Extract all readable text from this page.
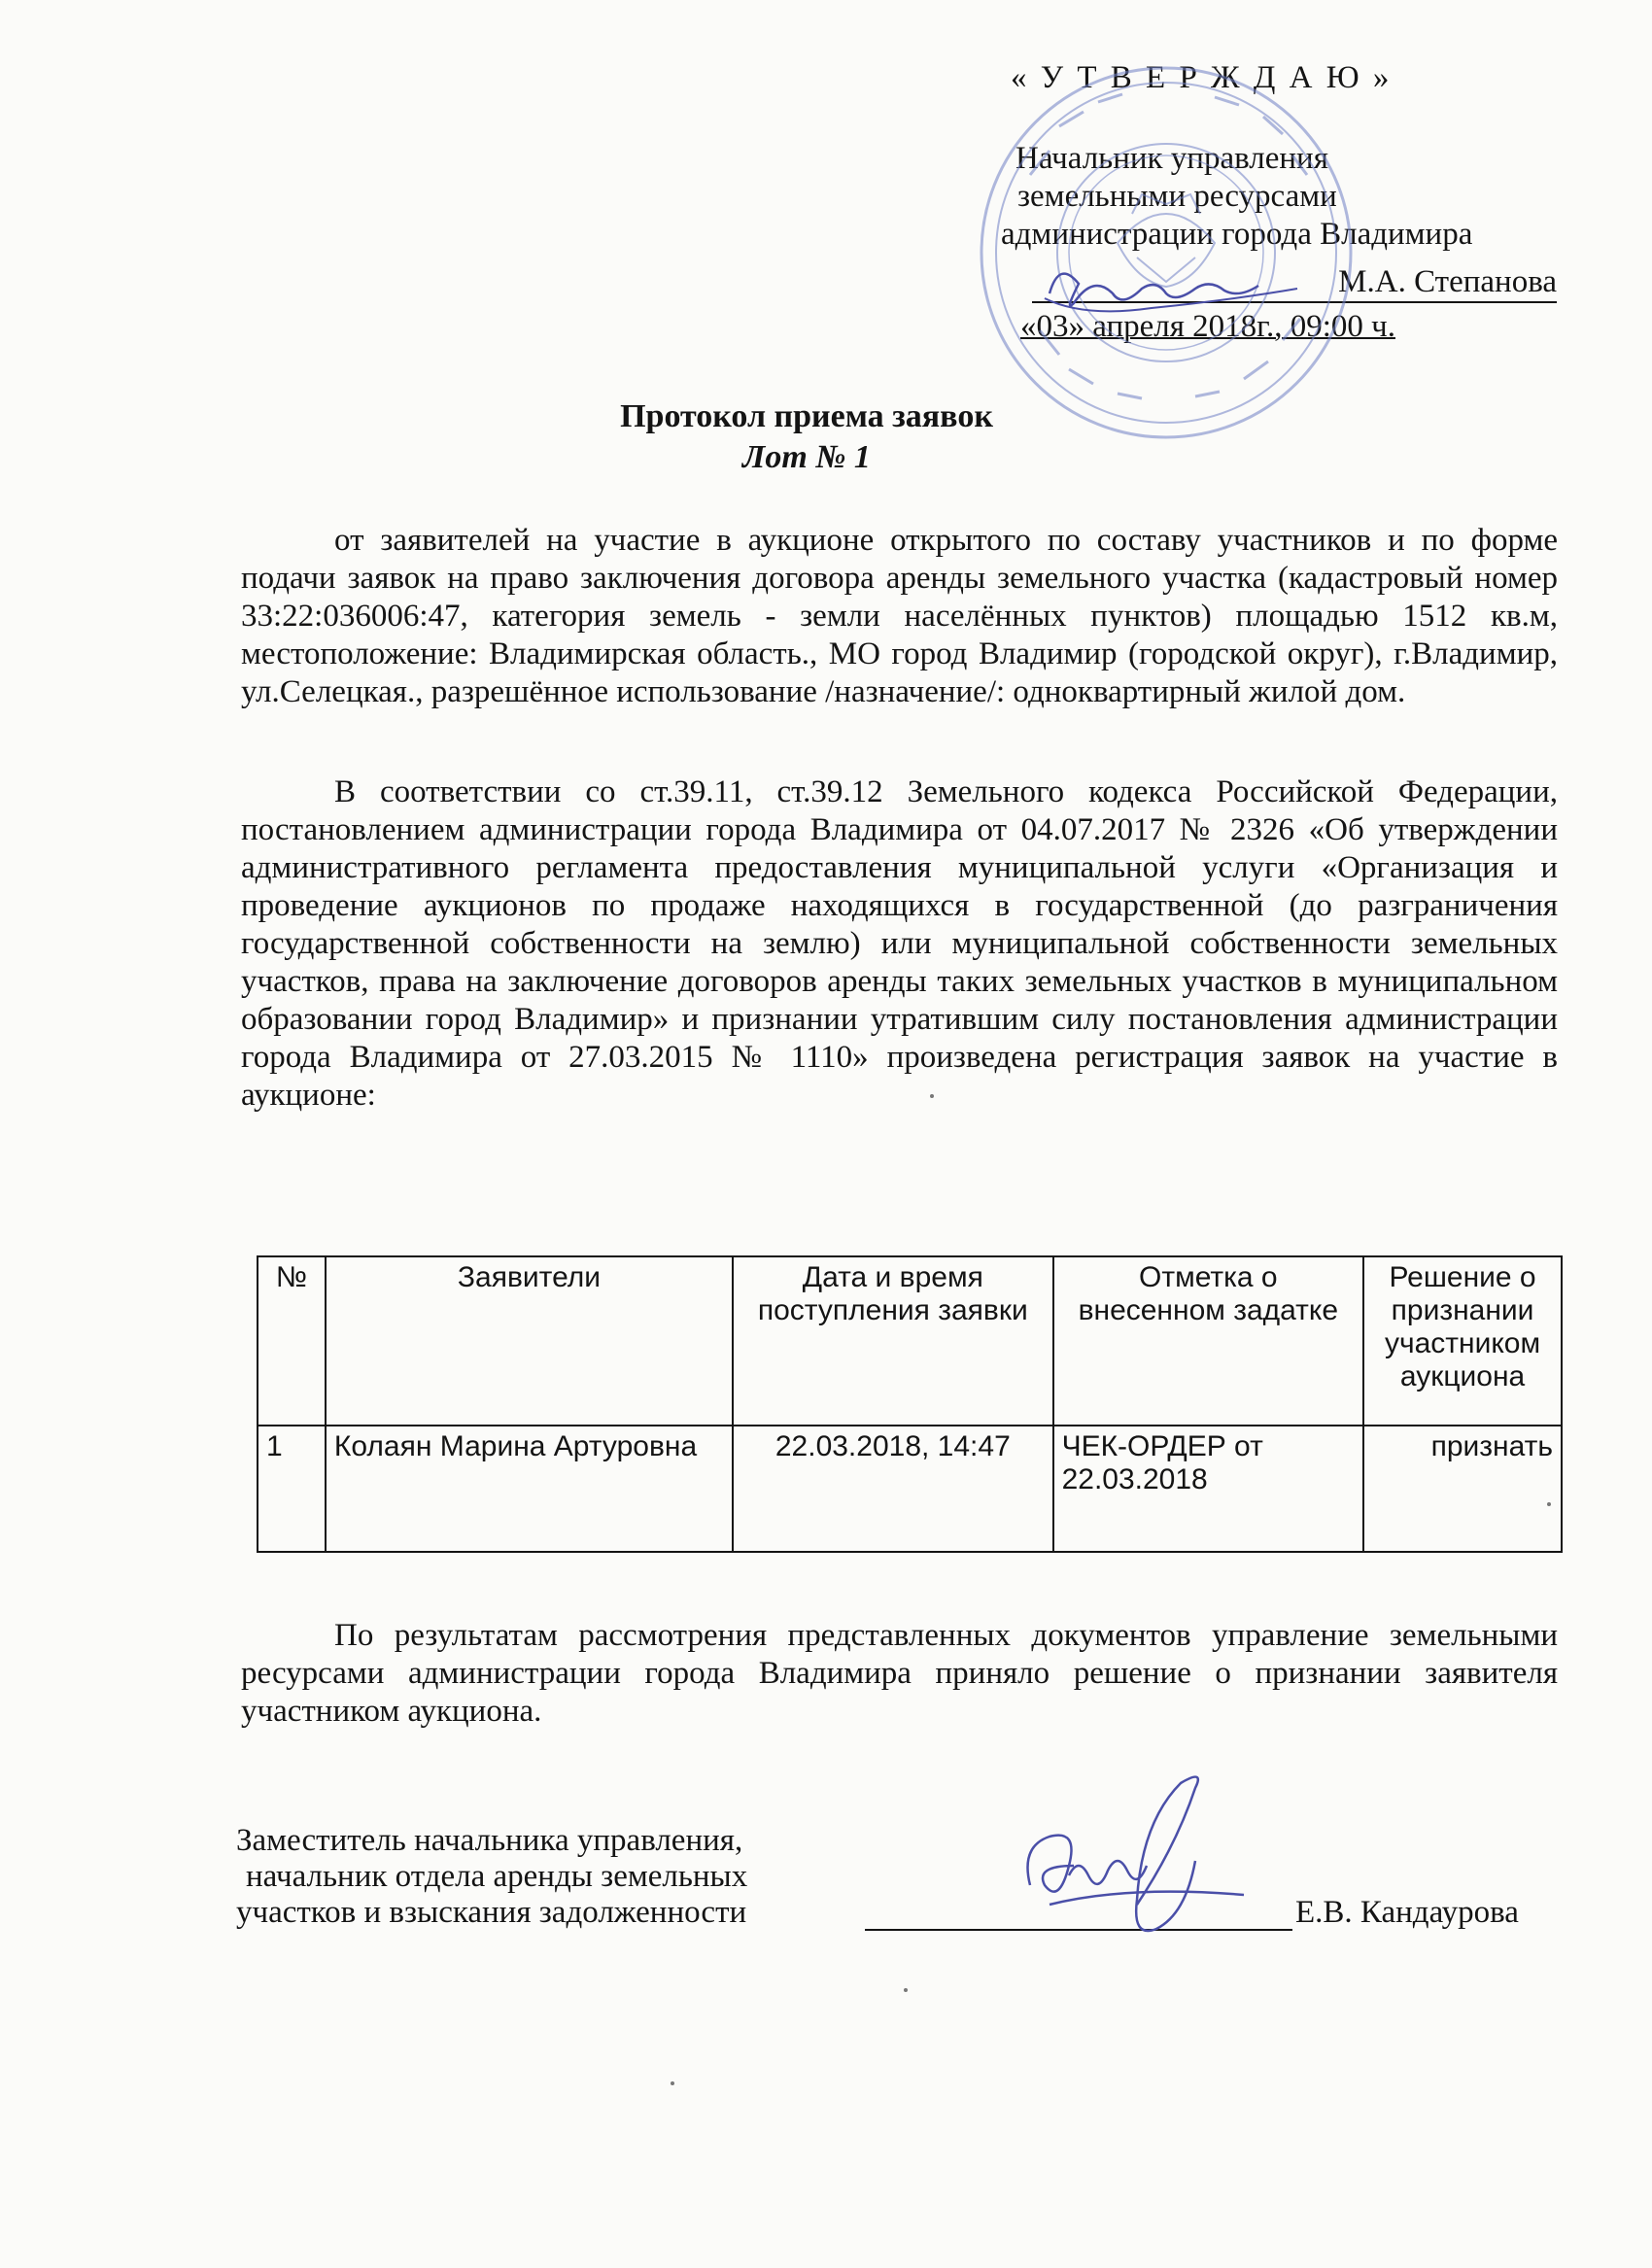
« У Т В Е Р Ж Д А Ю »
Начальник управления
земельными ресурсами
администрации города Владимира
М.А. Степанова
«03» апреля 2018г., 09:00 ч.
Протокол приема заявок
Лот № 1
от заявителей на участие в аукционе открытого по составу участников и по форме подачи заявок на право заключения договора аренды земельного участка (кадастровый номер 33:22:036006:47, категория земель - земли населённых пунктов) площадью 1512 кв.м, местоположение: Владимирская область., МО город Владимир (городской округ), г.Владимир, ул.Селецкая., разрешённое использование /назначение/: одноквартирный жилой дом.
В соответствии со ст.39.11, ст.39.12 Земельного кодекса Российской Федерации, постановлением администрации города Владимира от 04.07.2017 № 2326 «Об утверждении административного регламента предоставления муниципальной услуги «Организация и проведение аукционов по продаже находящихся в государственной (до разграничения государственной собственности на землю) или муниципальной собственности земельных участков, права на заключение договоров аренды таких земельных участков в муниципальном образовании город Владимир» и признании утратившим силу постановления администрации города Владимира от 27.03.2015 № 1110» произведена регистрация заявок на участие в аукционе:
№	Заявители	Дата и время поступления заявки	Отметка о внесенном задатке	Решение о признании участником аукциона
1	Колаян Марина Артуровна	22.03.2018, 14:47	ЧЕК-ОРДЕР от 22.03.2018	признать
По результатам рассмотрения представленных документов управление земельными ресурсами администрации города Владимира приняло решение о признании заявителя участником аукциона.
Заместитель начальника управления,
начальник отдела аренды земельных
участков и взыскания задолженности	Е.В. Кандаурова
